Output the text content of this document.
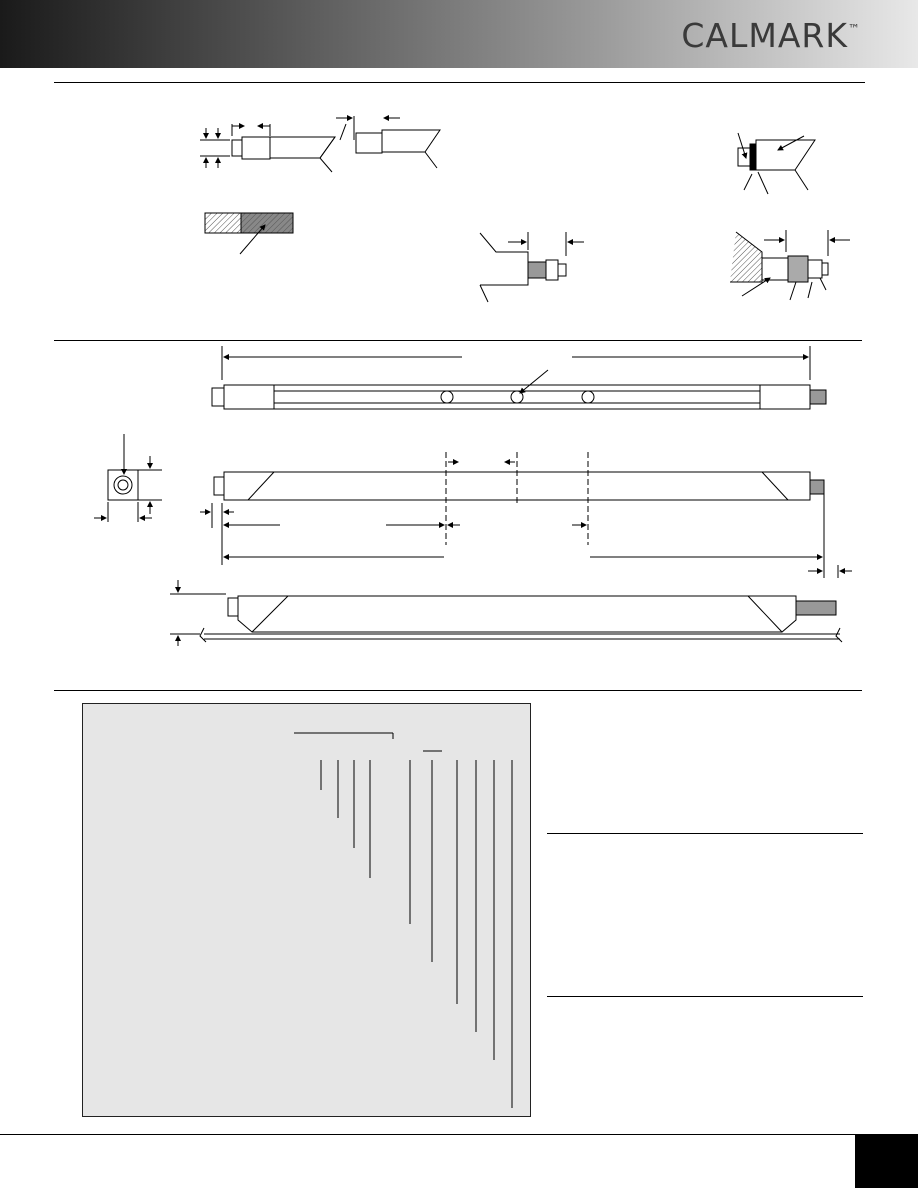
CALMARK™
